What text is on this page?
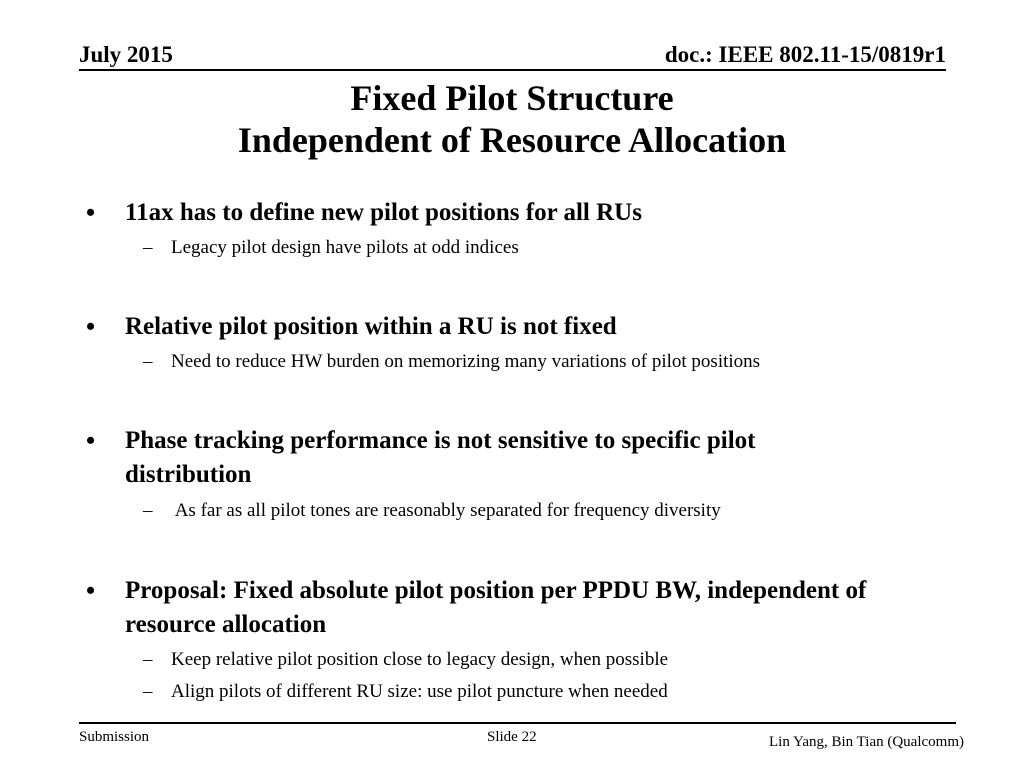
July 2015	doc.: IEEE 802.11-15/0819r1
Fixed Pilot Structure
Independent of Resource Allocation
• 11ax has to define new pilot positions for all RUs
– Legacy pilot design have pilots at odd indices
• Relative pilot position within a RU is not fixed
– Need to reduce HW burden on memorizing many variations of pilot positions
• Phase tracking performance is not sensitive to specific pilot distribution
– As far as all pilot tones are reasonably separated for frequency diversity
• Proposal: Fixed absolute pilot position per PPDU BW, independent of resource allocation
– Keep relative pilot position close to legacy design, when possible
– Align pilots of different RU size: use pilot puncture when needed
Submission	Slide 22	Lin Yang, Bin Tian (Qualcomm)
